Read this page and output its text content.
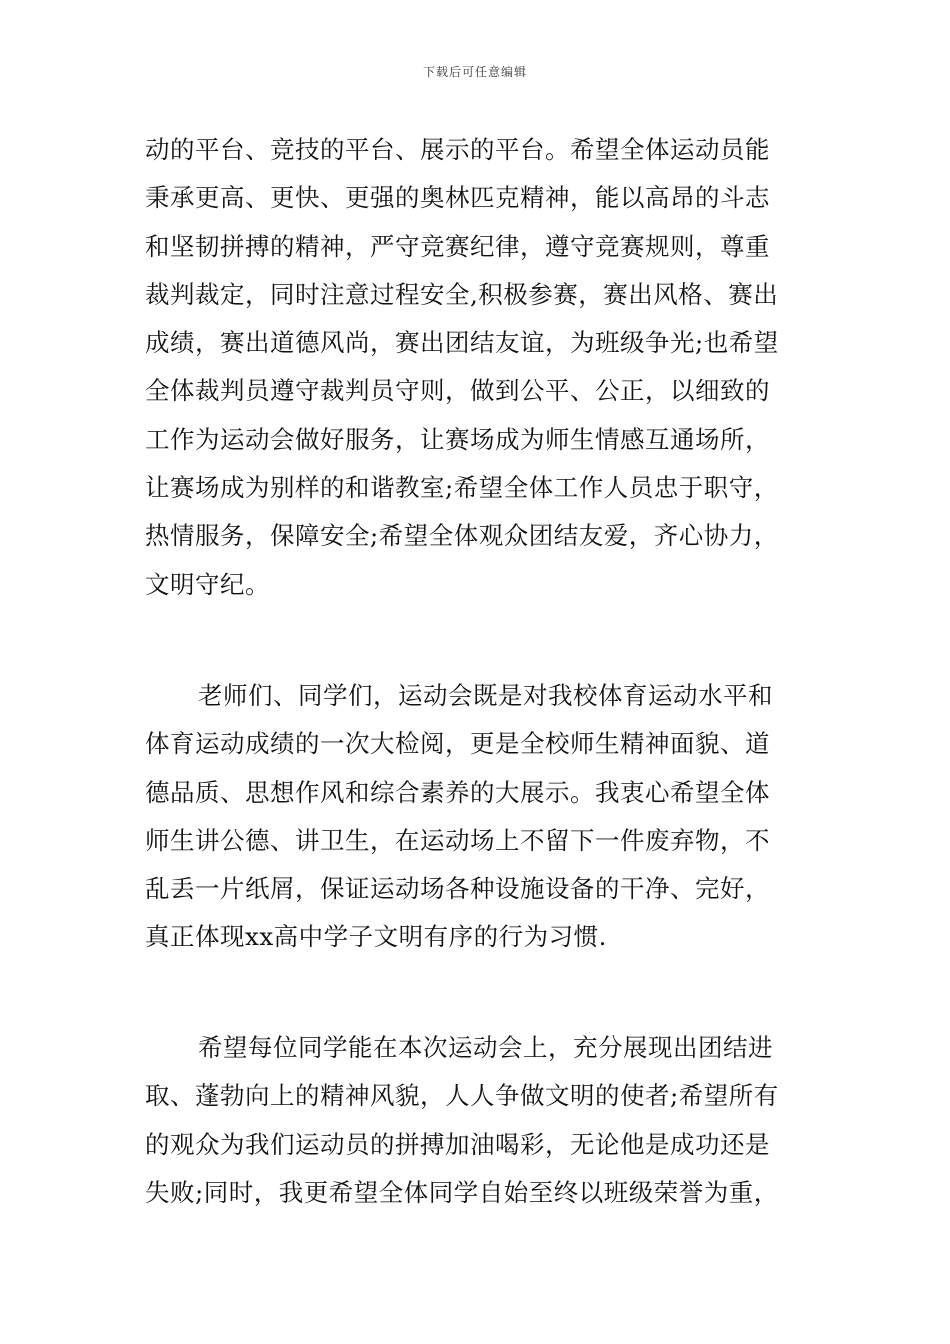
下载后可任意编辑
动的平台、竞技的平台、展示的平台。希望全体运动员能
秉承更高、更快、更强的奥林匹克精神，能以高昂的斗志
和坚韧拼搏的精神，严守竞赛纪律，遵守竞赛规则，尊重
裁判裁定，同时注意过程安全,积极参赛，赛出风格、赛出
成绩，赛出道德风尚，赛出团结友谊，为班级争光;也希望
全体裁判员遵守裁判员守则，做到公平、公正，以细致的
工作为运动会做好服务，让赛场成为师生情感互通场所，
让赛场成为别样的和谐教室;希望全体工作人员忠于职守，
热情服务，保障安全;希望全体观众团结友爱，齐心协力，
文明守纪。
老师们、同学们，运动会既是对我校体育运动水平和
体育运动成绩的一次大检阅，更是全校师生精神面貌、道
德品质、思想作风和综合素养的大展示。我衷心希望全体
师生讲公德、讲卫生，在运动场上不留下一件废弃物，不
乱丢一片纸屑，保证运动场各种设施设备的干净、完好，
真正体现xx高中学子文明有序的行为习惯.
希望每位同学能在本次运动会上，充分展现出团结进
取、蓬勃向上的精神风貌，人人争做文明的使者;希望所有
的观众为我们运动员的拼搏加油喝彩，无论他是成功还是
失败;同时，我更希望全体同学自始至终以班级荣誉为重，
